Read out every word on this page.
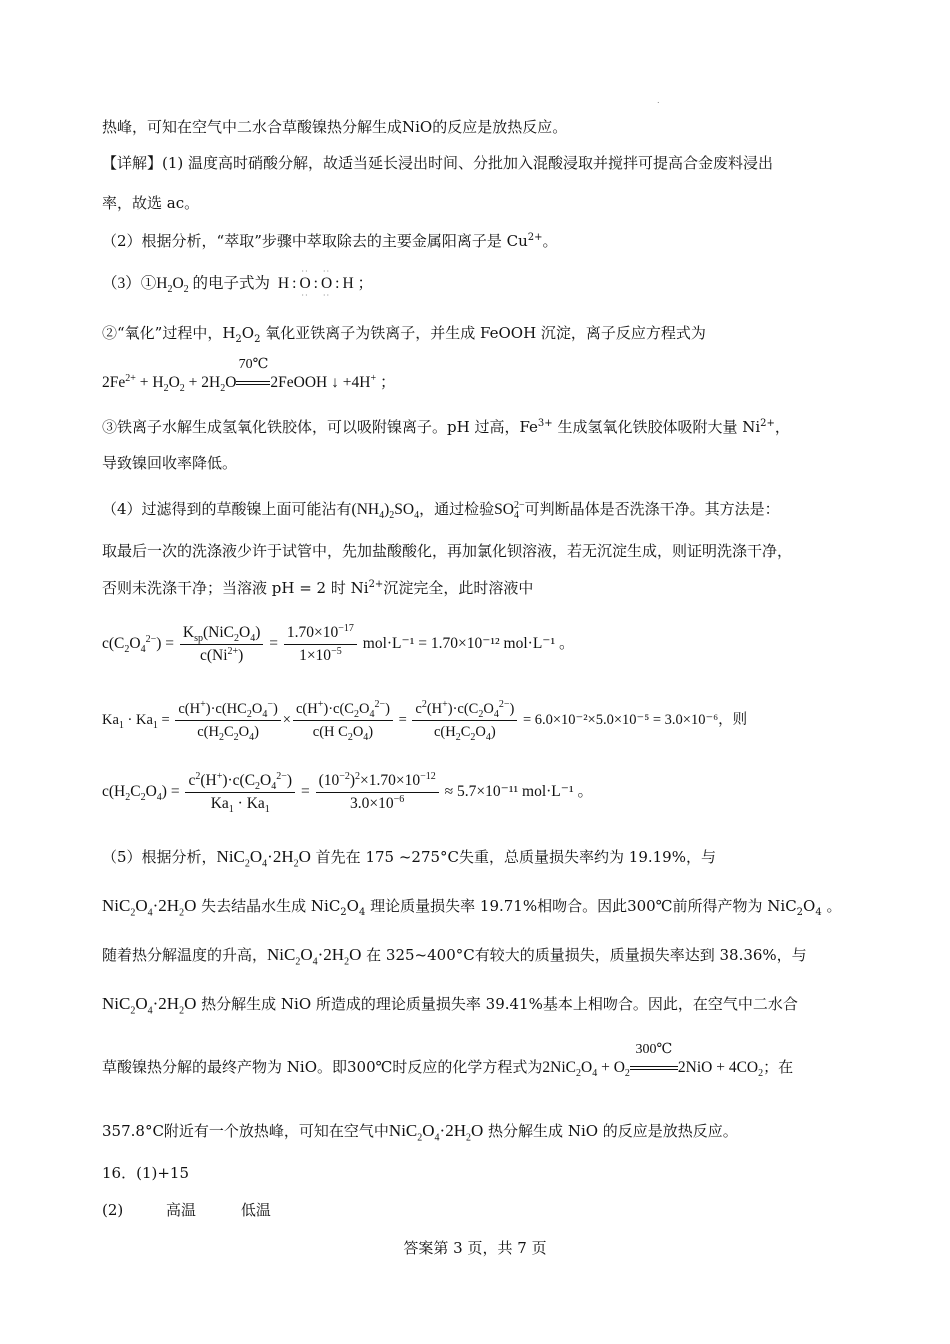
.
热峰，可知在空气中二水合草酸镍热分解生成NiO的反应是放热反应。
【详解】(1) 温度高时硝酸分解，故适当延长浸出时间、分批加入混酸浸取并搅拌可提高合金废料浸出
率，故选 ac。
（2）根据分析，“萃取”步骤中萃取除去的主要金属阳离子是 $Cu^{2+}$。
$(3)①H_2O_2$ 的电子式为 H : O
··
··
: O
··
··
: H ；
②“氧化”过程中，$H_2O_2$ 氧化亚铁离子为铁离子，并生成 FeOOH 沉淀，离子反应方程式为
$2Fe^{2+} + H_2O_2 + 2H_2O$
70℃
2FeOOH ↓ +4H+ ；
③铁离子水解生成氢氧化铁胶体，可以吸附镍离子。pH 过高，$Fe^{3+}$ 生成氢氧化铁胶体吸附大量 $Ni^{2+}$，
导致镍回收率降低。
（4）过滤得到的草酸镍上面可能沾有$(NH_4)_2SO_4$，通过检验$SO_4^{2-}$可判断晶体是否洗涤干净。其方法是：
取最后一次的洗涤液少许于试管中，先加盐酸酸化，再加氯化钡溶液，若无沉淀生成，则证明洗涤干净，
否则未洗涤干净；当溶液 pH = 2 时 $Ni^{2+}$沉淀完全，此时溶液中
$c(C_2O_4^{2-}) = \frac{K_{sp}(NiC_2O_4)}{c(Ni^{2+})} = \frac{1.70\times 10^{-17}}{1\times 10^{-5}} mol\cdot L^{-1} = 1.70\times 10^{-12}$ mol·L⁻¹ 。
$Ka_1 \cdot Ka_1 = \frac{c(H^+)\cdot c(HC_2O_4^-)}{c(H_2C_2O_4)} \times \frac{c(H^+)\cdot c(C_2O_4^{2-})}{c(H C_2O_4)} = \frac{c^2(H^+)\cdot c(C_2O_4^{2-})}{c(H_2C_2O_4)} = 6.0\times 10^{-2}\times 5.0\times 10^{-5} = 3.0\times 10^{-6}$，则
$c(H_2C_2O_4) = \frac{c^2(H^+)\cdot c(C_2O_4^{2-})}{Ka_1 \cdot Ka_1} = \frac{(10^{-2})^2\times 1.70\times 10^{-12}}{3.0\times 10^{-6}} \approx 5.7\times 10^{-11}$ mol·L⁻¹ 。
（5）根据分析，$NiC_2O_4\cdot 2H_2O$ 首先在 175 ~275°C失重，总质量损失率约为 19.19%，与
$NiC_2O_4\cdot 2H_2O$ 失去结晶水生成 $NiC_2O_4$ 理论质量损失率 19.71%相吻合。因此300℃前所得产物为 $NiC_2O_4$ 。
随着热分解温度的升高，$NiC_2O_4\cdot 2H_2O$ 在 325~400°C有较大的质量损失，质量损失率达到 38.36%，与
$NiC_2O_4\cdot 2H_2O$ 热分解生成 NiO 所造成的理论质量损失率 39.41%基本上相吻合。因此，在空气中二水合
草酸镍热分解的最终产物为 NiO。即300℃时反应的化学方程式为$2NiC_2O_4 + O_2$
300℃
$2NiO + 4CO_2$；在
357.8°C附近有一个放热峰，可知在空气中$NiC_2O_4\cdot 2H_2O$ 热分解生成 NiO 的反应是放热反应。
16．(1)+15
(2)	高温	低温
答案第 3 页，共 7 页
